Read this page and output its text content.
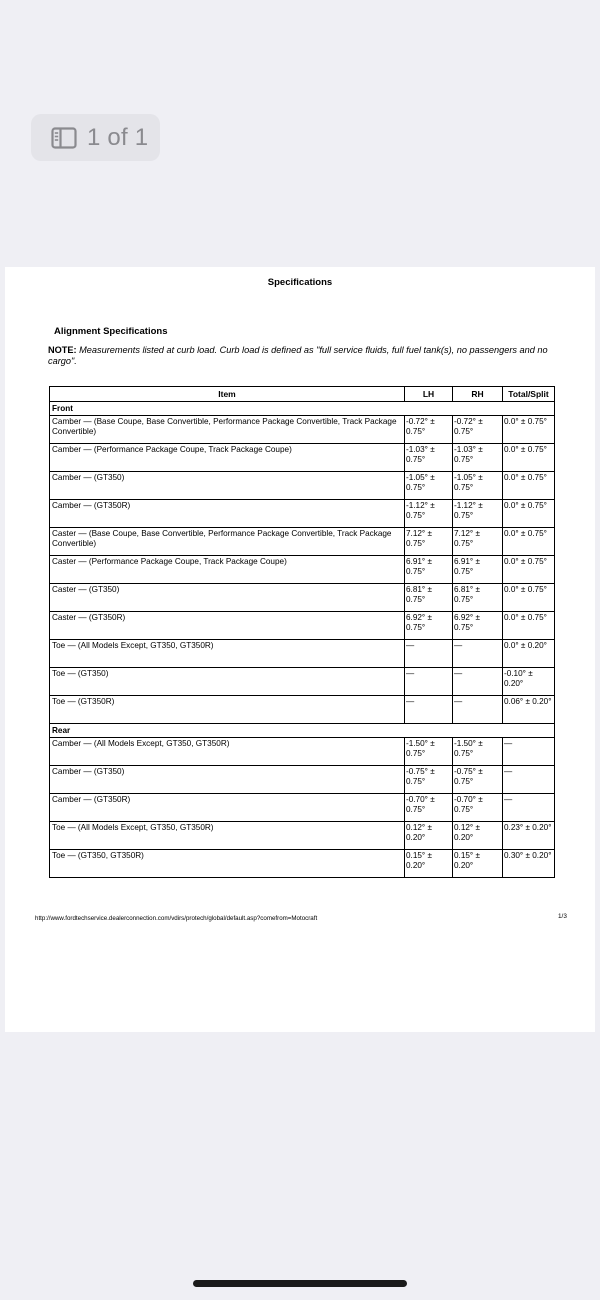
1 of 1
Specifications
Alignment Specifications
NOTE: Measurements listed at curb load. Curb load is defined as "full service fluids, full fuel tank(s), no passengers and no cargo".
Item	LH	RH	Total/Split
Front			
Camber — (Base Coupe, Base Convertible, Performance Package Convertible, Track Package Convertible)	-0.72° ± 0.75°	-0.72° ± 0.75°	0.0° ± 0.75°
Camber — (Performance Package Coupe, Track Package Coupe)	-1.03° ± 0.75°	-1.03° ± 0.75°	0.0° ± 0.75°
Camber — (GT350)	-1.05° ± 0.75°	-1.05° ± 0.75°	0.0° ± 0.75°
Camber — (GT350R)	-1.12° ± 0.75°	-1.12° ± 0.75°	0.0° ± 0.75°
Caster — (Base Coupe, Base Convertible, Performance Package Convertible, Track Package Convertible)	7.12° ± 0.75°	7.12° ± 0.75°	0.0° ± 0.75°
Caster — (Performance Package Coupe, Track Package Coupe)	6.91° ± 0.75°	6.91° ± 0.75°	0.0° ± 0.75°
Caster — (GT350)	6.81° ± 0.75°	6.81° ± 0.75°	0.0° ± 0.75°
Caster — (GT350R)	6.92° ± 0.75°	6.92° ± 0.75°	0.0° ± 0.75°
Toe — (All Models Except, GT350, GT350R)	—	—	0.0° ± 0.20°
Toe — (GT350)	—	—	-0.10° ± 0.20°
Toe — (GT350R)	—	—	0.06° ± 0.20°
Rear			
Camber — (All Models Except, GT350, GT350R)	-1.50° ± 0.75°	-1.50° ± 0.75°	—
Camber — (GT350)	-0.75° ± 0.75°	-0.75° ± 0.75°	—
Camber — (GT350R)	-0.70° ± 0.75°	-0.70° ± 0.75°	—
Toe — (All Models Except, GT350, GT350R)	0.12° ± 0.20°	0.12° ± 0.20°	0.23° ± 0.20°
Toe — (GT350, GT350R)	0.15° ± 0.20°	0.15° ± 0.20°	0.30° ± 0.20°
http://www.fordtechservice.dealerconnection.com/vdirs/protech/global/default.asp?comefrom=Motocraft	1/3
